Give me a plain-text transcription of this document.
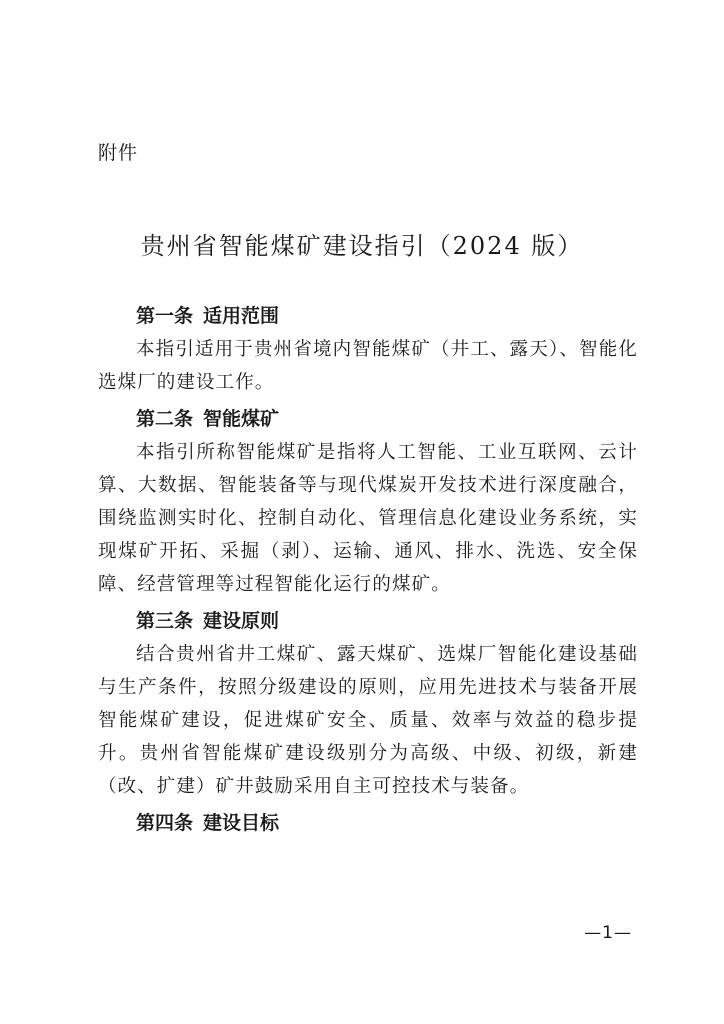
附件
贵州省智能煤矿建设指引（2024 版）

第一条 适用范围

本指引适用于贵州省境内智能煤矿（井工、露天）、智能化选煤厂的建设工作。

第二条 智能煤矿

本指引所称智能煤矿是指将人工智能、工业互联网、云计算、大数据、智能装备等与现代煤炭开发技术进行深度融合，围绕监测实时化、控制自动化、管理信息化建设业务系统，实现煤矿开拓、采掘（剥）、运输、通风、排水、洗选、安全保障、经营管理等过程智能化运行的煤矿。

第三条 建设原则

结合贵州省井工煤矿、露天煤矿、选煤厂智能化建设基础与生产条件，按照分级建设的原则，应用先进技术与装备开展智能煤矿建设，促进煤矿安全、质量、效率与效益的稳步提升。贵州省智能煤矿建设级别分为高级、中级、初级，新建（改、扩建）矿井鼓励采用自主可控技术与装备。

第四条 建设目标

—1—
